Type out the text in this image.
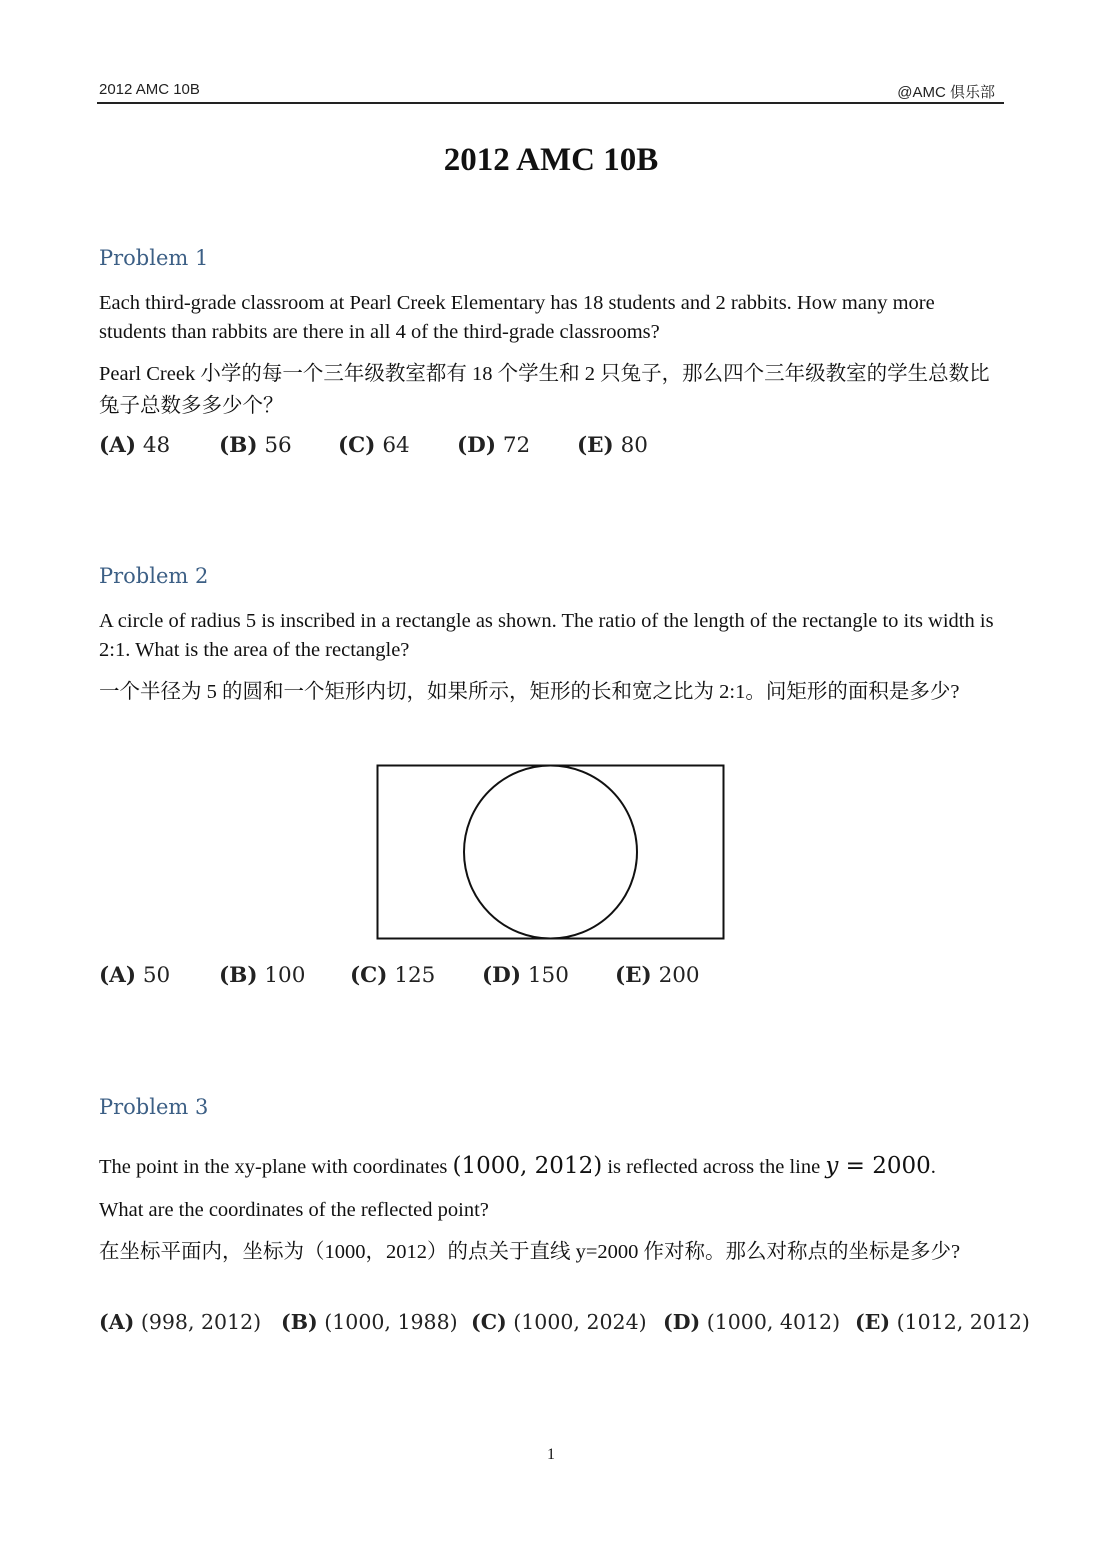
2012 AMC 10B	@AMC 俱乐部
2012 AMC 10B
Problem 1
Each third-grade classroom at Pearl Creek Elementary has 18 students and 2 rabbits. How many more students than rabbits are there in all 4 of the third-grade classrooms?
Pearl Creek 小学的每一个三年级教室都有 18 个学生和 2 只兔子，那么四个三年级教室的学生总数比兔子总数多多少个？
(A) 48 (B) 56 (C) 64 (D) 72 (E) 80
Problem 2
A circle of radius 5 is inscribed in a rectangle as shown. The ratio of the length of the rectangle to its width is 2:1. What is the area of the rectangle?
一个半径为 5 的圆和一个矩形内切，如果所示，矩形的长和宽之比为 2:1。问矩形的面积是多少?
(A) 50 (B) 100 (C) 125 (D) 150 (E) 200
Problem 3
The point in the xy-plane with coordinates (1000, 2012) is reflected across the line y = 2000.
What are the coordinates of the reflected point?
在坐标平面内，坐标为（1000，2012）的点关于直线 y=2000 作对称。那么对称点的坐标是多少?
(A) (998, 2012) (B) (1000, 1988) (C) (1000, 2024) (D) (1000, 4012) (E) (1012, 2012)
1
